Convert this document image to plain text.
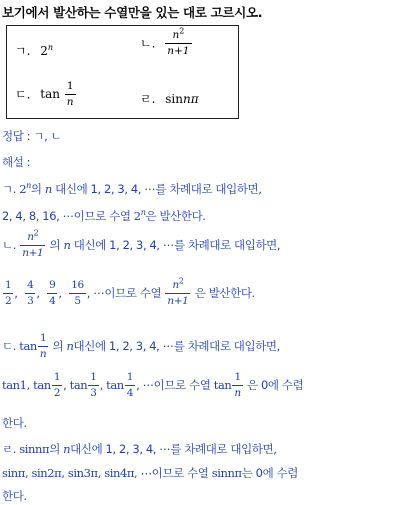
보기에서 발산하는 수열만을 있는 대로 고르시오.
ㄱ. 2$^n$	ㄴ. $\frac{n^2}{n+1}$
ㄷ. $\tan \frac{1}{n}$	ㄹ. sinnπ
정답 : ㄱ, ㄴ
해설 :
ㄱ. 2$^n$의 n 대신에 1, 2, 3, 4, ⋯를 차례대로 대입하면,
2, 4, 8, 16, ⋯이므로 수열 2$^n$은 발산한다.
ㄴ. $\frac{n^2}{n+1}$ 의 n 대신에 1, 2, 3, 4, ⋯를 차례대로 대입하면,
$\frac{1}{2}$ , $\frac{4}{3}$ , $\frac{9}{4}$ , $\frac{16}{5}$ , ⋯이므로 수열 $\frac{n^2}{n+1}$ 은 발산한다.
ㄷ. $\tan \frac{1}{n}$ 의 n대신에 1, 2, 3, 4, ⋯를 차례대로 대입하면,
tan1, $\tan \frac{1}{2}$ , $\tan \frac{1}{3}$ , $\tan \frac{1}{4}$ , ⋯이므로 수열 $\tan \frac{1}{n}$ 은 0에 수렴
한다.
ㄹ. sinnπ의 n대신에 1, 2, 3, 4, ⋯를 차례대로 대입하면,
sinπ, sin2π, sin3π, sin4π, ⋯이므로 수열 sinnπ는 0에 수렴
한다.
